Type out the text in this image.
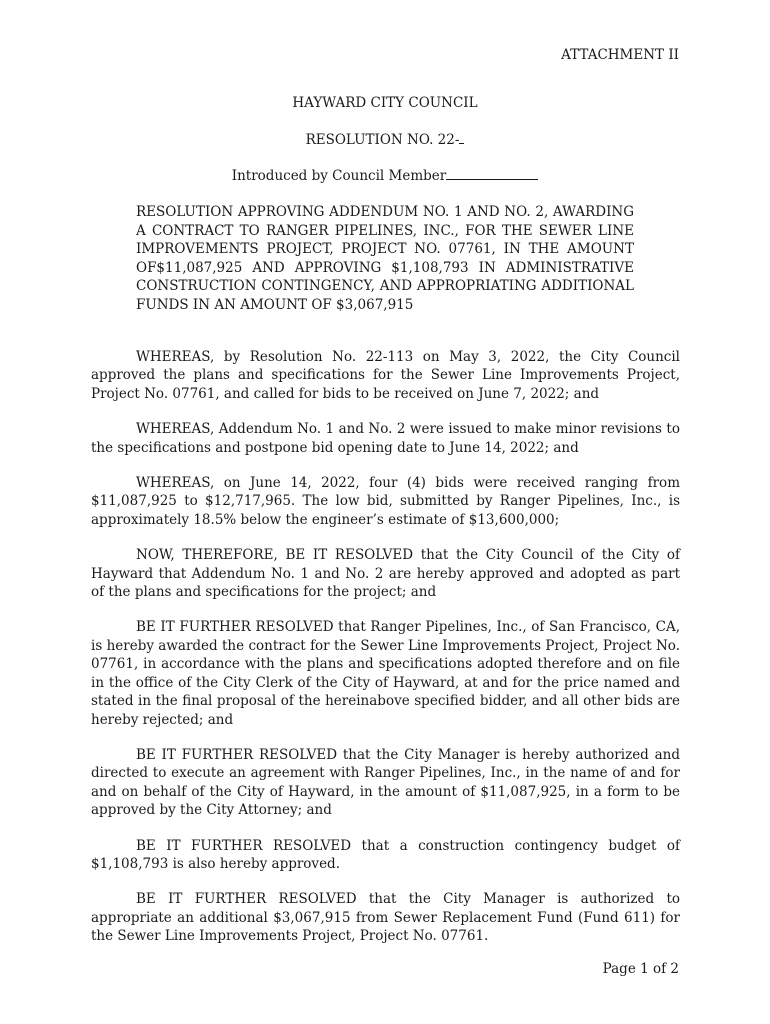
ATTACHMENT II
HAYWARD CITY COUNCIL
RESOLUTION NO. 22-
Introduced by Council Member
RESOLUTION APPROVING ADDENDUM NO. 1 AND NO. 2, AWARDING A CONTRACT TO RANGER PIPELINES, INC., FOR THE SEWER LINE IMPROVEMENTS PROJECT, PROJECT NO. 07761, IN THE AMOUNT OF$11,087,925 AND APPROVING $1,108,793 IN ADMINISTRATIVE CONSTRUCTION CONTINGENCY, AND APPROPRIATING ADDITIONAL FUNDS IN AN AMOUNT OF $3,067,915

WHEREAS, by Resolution No. 22-113 on May 3, 2022, the City Council approved the plans and specifications for the Sewer Line Improvements Project, Project No. 07761, and called for bids to be received on June 7, 2022; and

WHEREAS, Addendum No. 1 and No. 2 were issued to make minor revisions to the specifications and postpone bid opening date to June 14, 2022; and

WHEREAS, on June 14, 2022, four (4) bids were received ranging from $11,087,925 to $12,717,965. The low bid, submitted by Ranger Pipelines, Inc., is approximately 18.5% below the engineer’s estimate of $13,600,000;

NOW, THEREFORE, BE IT RESOLVED that the City Council of the City of Hayward that Addendum No. 1 and No. 2 are hereby approved and adopted as part of the plans and specifications for the project; and

BE IT FURTHER RESOLVED that Ranger Pipelines, Inc., of San Francisco, CA, is hereby awarded the contract for the Sewer Line Improvements Project, Project No. 07761, in accordance with the plans and specifications adopted therefore and on file in the office of the City Clerk of the City of Hayward, at and for the price named and stated in the final proposal of the hereinabove specified bidder, and all other bids are hereby rejected; and

BE IT FURTHER RESOLVED that the City Manager is hereby authorized and directed to execute an agreement with Ranger Pipelines, Inc., in the name of and for and on behalf of the City of Hayward, in the amount of $11,087,925, in a form to be approved by the City Attorney; and

BE IT FURTHER RESOLVED that a construction contingency budget of $1,108,793 is also hereby approved.

BE IT FURTHER RESOLVED that the City Manager is authorized to appropriate an additional $3,067,915 from Sewer Replacement Fund (Fund 611) for the Sewer Line Improvements Project, Project No. 07761.

Page 1 of 2
